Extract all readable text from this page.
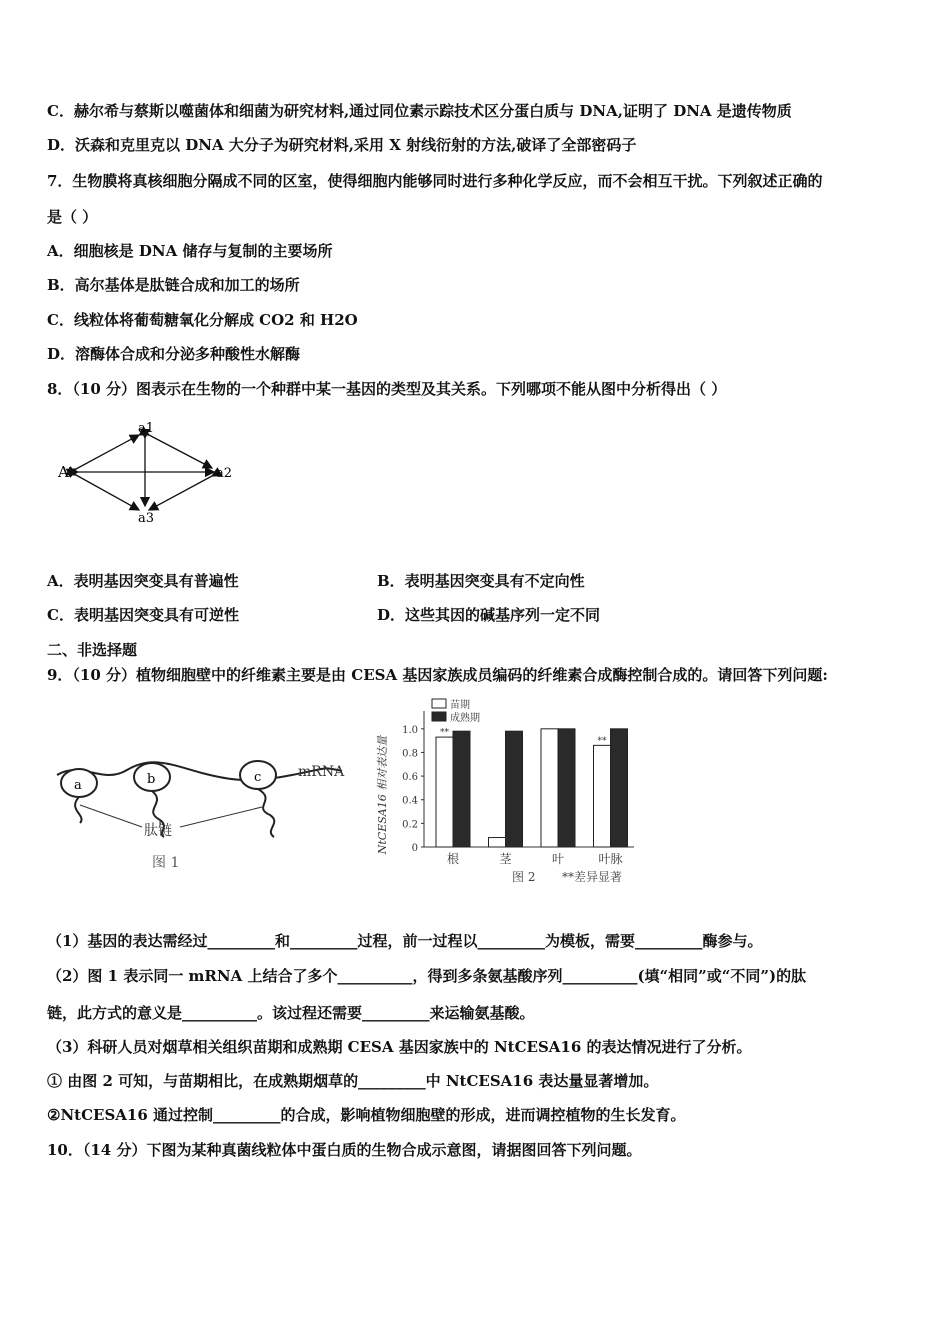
C．赫尔希与蔡斯以噬菌体和细菌为研究材料,通过同位素示踪技术区分蛋白质与 DNA,证明了 DNA 是遗传物质
D．沃森和克里克以 DNA 大分子为研究材料,采用 X 射线衍射的方法,破译了全部密码子
7．生物膜将真核细胞分隔成不同的区室，使得细胞内能够同时进行多种化学反应，而不会相互干扰。下列叙述正确的
是（ ）
A．细胞核是 DNA 储存与复制的主要场所
B．高尔基体是肽链合成和加工的场所
C．线粒体将葡萄糖氧化分解成 CO2 和 H2O
D．溶酶体合成和分泌多种酸性水解酶
8．（10 分）图表示在生物的一个种群中某一基因的类型及其关系。下列哪项不能从图中分析得出（ ）
A
a1
a2
a3
A．表明基因突变具有普遍性	B．表明基因突变具有不定向性
C．表明基因突变具有可逆性	D．这些其因的碱基序列一定不同
二、非选择题
9．（10 分）植物细胞壁中的纤维素主要是由 CESA 基因家族成员编码的纤维素合成酶控制合成的。请回答下列问题:
a	b	c	mRNA
肽链
图 1
NtCESA16 相对表达量
苗期
成熟期
0
0.2
0.4
0.6
0.8
1.0 **
根	茎	叶
**
叶脉
图 2 **差异显著
（1）基因的表达需经过_________和_________过程，前一过程以_________为模板，需要_________酶参与。
（2）图 1 表示同一 mRNA 上结合了多个__________，得到多条氨基酸序列__________(填“相同”或“不同”)的肽
链，此方式的意义是__________。该过程还需要_________来运输氨基酸。
（3）科研人员对烟草相关组织苗期和成熟期 CESA 基因家族中的 NtCESA16 的表达情况进行了分析。
① 由图 2 可知，与苗期相比，在成熟期烟草的_________中 NtCESA16 表达量显著增加。
②NtCESA16 通过控制_________的合成，影响植物细胞壁的形成，进而调控植物的生长发育。
10．（14 分）下图为某种真菌线粒体中蛋白质的生物合成示意图，请据图回答下列问题。
